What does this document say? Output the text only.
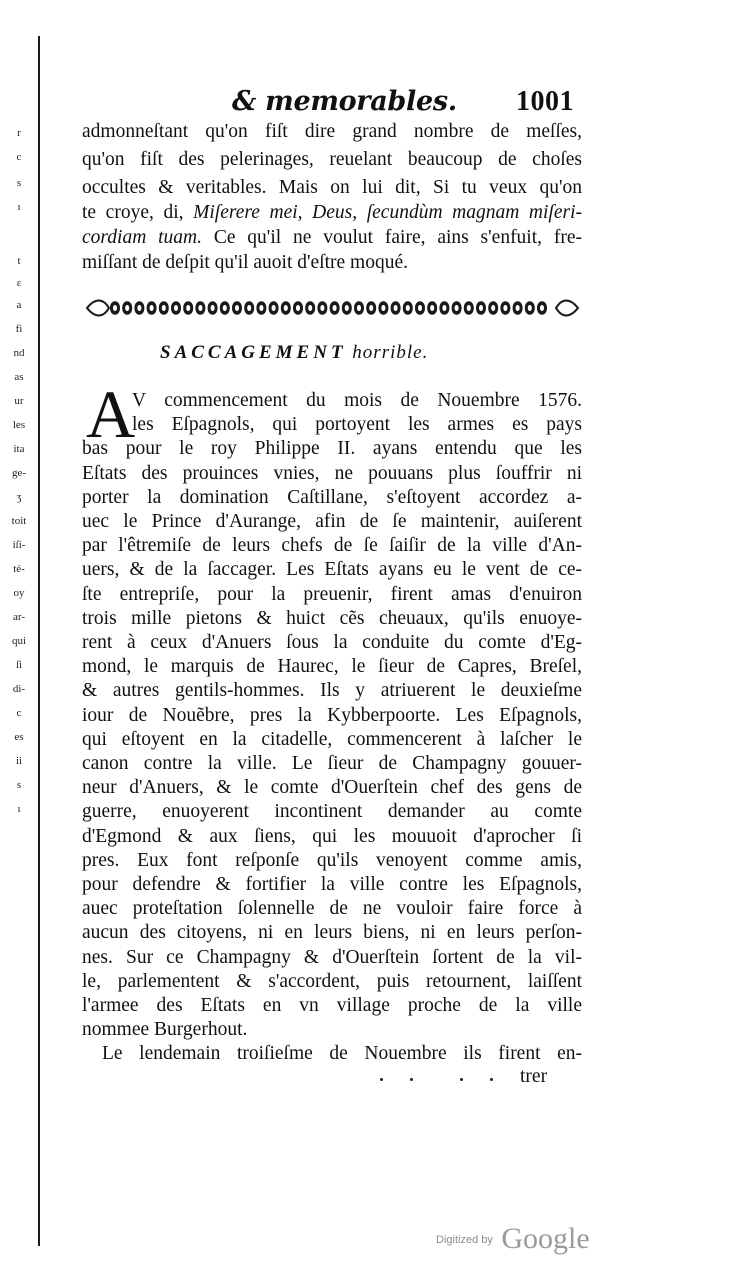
r
c
s
ı
t
ɛ
a
fi
nd
as
ur
les
ita
ge-
ʒ
toit
iſi-
té-
oy
ar-
qui
ſi
di-
c
es
ii
s
ı
& memorables. 1001
admonneſtant qu'on fiſt dire grand nombre de meſſes,
qu'on fiſt des pelerinages, reuelant beaucoup de choſes
occultes & veritables. Mais on lui dit, Si tu veux qu'on
te croye, di, Miſerere mei, Deus, ſecundùm magnam miſeri-
cordiam tuam. Ce qu'il ne voulut faire, ains s'enfuit, fre-
miſſant de deſpit qu'il auoit d'eſtre moqué.
SACCAGEMENT horrible.
A
V commencement du mois de Nouembre 1576.
les Eſpagnols, qui portoyent les armes es pays
bas pour le roy Philippe II. ayans entendu que les
Eſtats des prouinces vnies, ne pouuans plus ſouffrir ni
porter la domination Caſtillane, s'eſtoyent accordez a-
uec le Prince d'Aurange, afin de ſe maintenir, auiſerent
par l'êtremiſe de leurs chefs de ſe ſaiſir de la ville d'An-
uers, & de la ſaccager. Les Eſtats ayans eu le vent de ce-
ſte entrepriſe, pour la preuenir, firent amas d'enuiron
trois mille pietons & huict cẽs cheuaux, qu'ils enuoye-
rent à ceux d'Anuers ſous la conduite du comte d'Eg-
mond, le marquis de Haurec, le ſieur de Capres, Breſel,
& autres gentils-hommes. Ils y atriuerent le deuxieſme
iour de Nouẽbre, pres la Kybberpoorte. Les Eſpagnols,
qui eſtoyent en la citadelle, commencerent à laſcher le
canon contre la ville. Le ſieur de Champagny gouuer-
neur d'Anuers, & le comte d'Ouerſtein chef des gens de
guerre, enuoyerent incontinent demander au comte
d'Egmond & aux ſiens, qui les mouuoit d'aprocher ſi
pres. Eux font reſponſe qu'ils venoyent comme amis,
pour defendre & fortifier la ville contre les Eſpagnols,
auec proteſtation ſolennelle de ne vouloir faire force à
aucun des citoyens, ni en leurs biens, ni en leurs perſon-
nes. Sur ce Champagny & d'Ouerſtein ſortent de la vil-
le, parlementent & s'accordent, puis retournent, laiſſent
l'armee des Eſtats en vn village proche de la ville
nommee Burgerhout.
Le lendemain troiſieſme de Nouembre ils firent en-
trer
$^{Digitized by}$ Google
